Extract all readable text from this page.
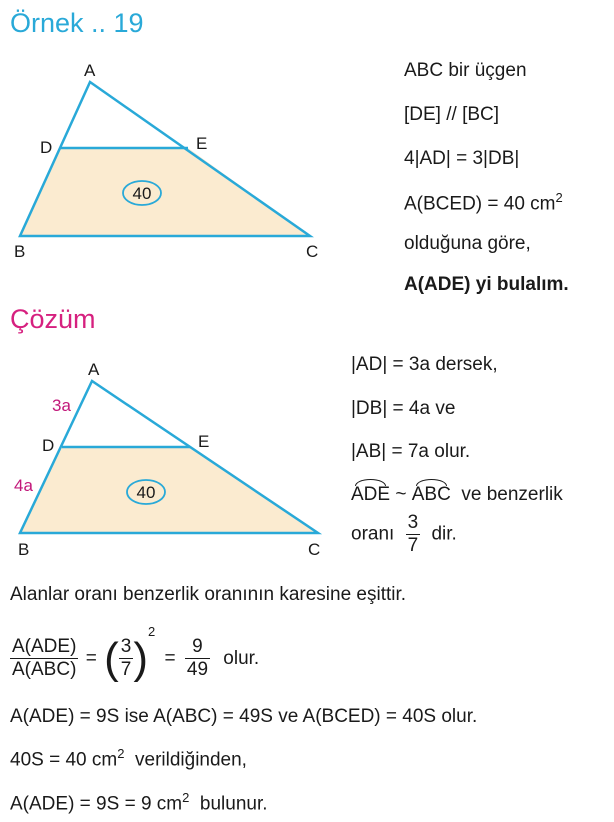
Örnek .. 19
40
A
D	E
B	C
ABC bir üçgen
[DE] // [BC]
4|AD| = 3|DB|
A(BCED) = 40 $cm^2$
olduğuna göre,
A(ADE) yi bulalım.
Çözüm
40
A
D	E
B	C
3a
4a
|AD| = 3a dersek,
|DB| = 4a ve
|AB| = 7a olur.
ADE ~ ABC ve benzerlik
oranı $\frac{3}{7}$ dir.
Alanlar oranı benzerlik oranının karesine eşittir.
$\frac{\text{A(ADE)}}{\text{A(ABC)}}$ = ( $\frac{3}{7} )^2 = \frac{9}{49}$ olur.
A(ADE) = 9S ise A(ABC) = 49S ve A(BCED) = 40S olur.
40S = 40 $cm^2$ verildiğinden,
A(ADE) = 9S = 9 $cm^2$ bulunur.
